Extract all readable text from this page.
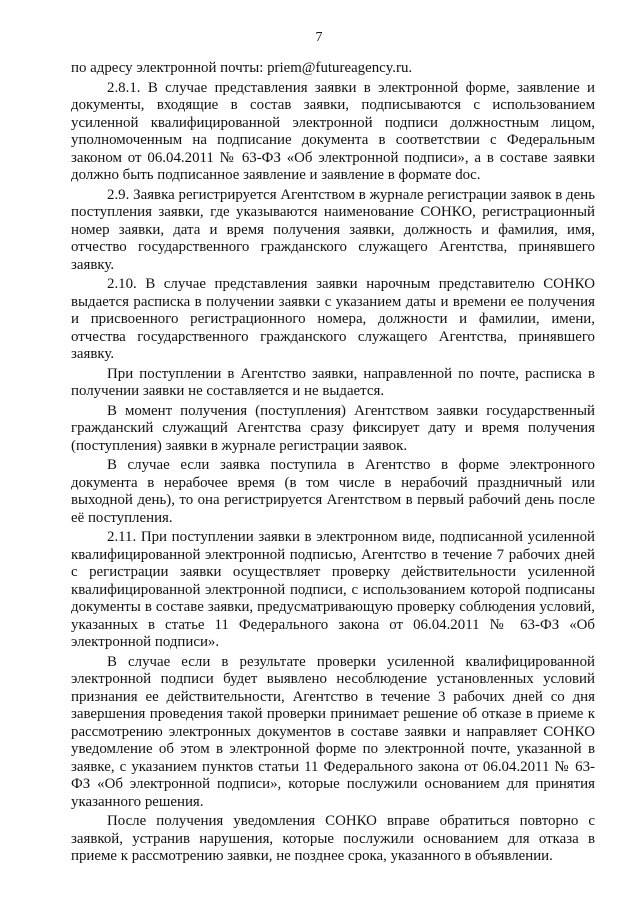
7

по адресу электронной почты: priem@futureagency.ru.

2.8.1. В случае представления заявки в электронной форме, заявление и документы, входящие в состав заявки, подписываются с использованием усиленной квалифицированной электронной подписи должностным лицом, уполномоченным на подписание документа в соответствии с Федеральным законом от 06.04.2011 № 63-ФЗ «Об электронной подписи», а в составе заявки должно быть подписанное заявление и заявление в формате doc.

2.9. Заявка регистрируется Агентством в журнале регистрации заявок в день поступления заявки, где указываются наименование СОНКО, регистрационный номер заявки, дата и время получения заявки, должность и фамилия, имя, отчество государственного гражданского служащего Агентства, принявшего заявку.

2.10. В случае представления заявки нарочным представителю СОНКО выдается расписка в получении заявки с указанием даты и времени ее получения и присвоенного регистрационного номера, должности и фамилии, имени, отчества государственного гражданского служащего Агентства, принявшего заявку.

При поступлении в Агентство заявки, направленной по почте, расписка в получении заявки не составляется и не выдается.

В момент получения (поступления) Агентством заявки государственный гражданский служащий Агентства сразу фиксирует дату и время получения (поступления) заявки в журнале регистрации заявок.

В случае если заявка поступила в Агентство в форме электронного документа в нерабочее время (в том числе в нерабочий праздничный или выходной день), то она регистрируется Агентством в первый рабочий день после её поступления.

2.11. При поступлении заявки в электронном виде, подписанной усиленной квалифицированной электронной подписью, Агентство в течение 7 рабочих дней с регистрации заявки осуществляет проверку действительности усиленной квалифицированной электронной подписи, с использованием которой подписаны документы в составе заявки, предусматривающую проверку соблюдения условий, указанных в статье 11 Федерального закона от 06.04.2011 № 63-ФЗ «Об электронной подписи».

В случае если в результате проверки усиленной квалифицированной электронной подписи будет выявлено несоблюдение установленных условий признания ее действительности, Агентство в течение 3 рабочих дней со дня завершения проведения такой проверки принимает решение об отказе в приеме к рассмотрению электронных документов в составе заявки и направляет СОНКО уведомление об этом в электронной форме по электронной почте, указанной в заявке, с указанием пунктов статьи 11 Федерального закона от 06.04.2011 № 63-ФЗ «Об электронной подписи», которые послужили основанием для принятия указанного решения.

После получения уведомления СОНКО вправе обратиться повторно с заявкой, устранив нарушения, которые послужили основанием для отказа в приеме к рассмотрению заявки, не позднее срока, указанного в объявлении.
